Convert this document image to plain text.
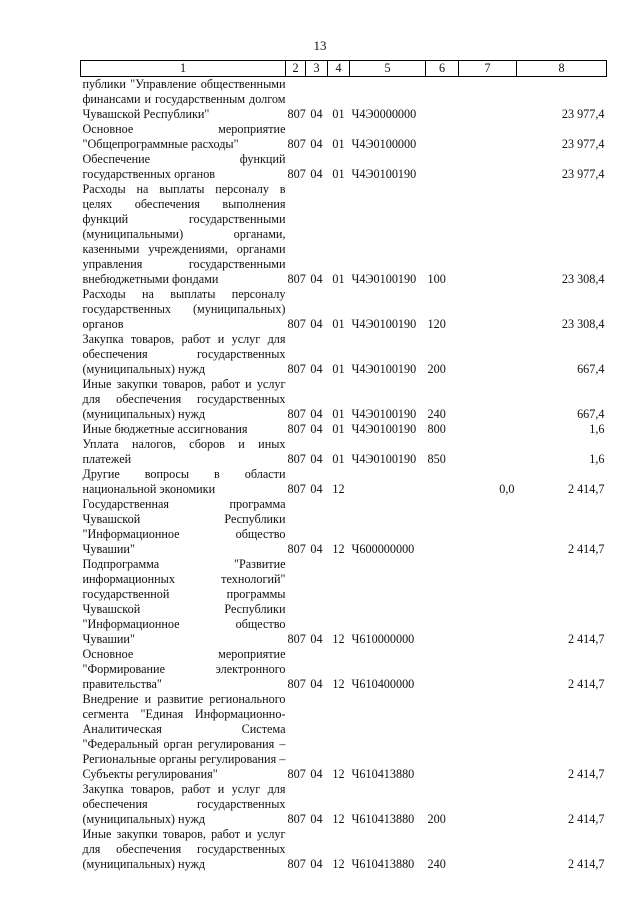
13
1	2	3	4	5	6	7	8
публики "Управление общественными финансами и государственным долгом Чувашской Республики"	807	04	01	Ч4Э0000000			23 977,4
Основное мероприятие "Общепрограммные расходы"	807	04	01	Ч4Э0100000			23 977,4
Обеспечение функций государственных органов	807	04	01	Ч4Э0100190			23 977,4
Расходы на выплаты персоналу в целях обеспечения выполнения функций государственными (муниципальными) органами, казенными учреждениями, органами управления государственными внебюджетными фондами	807	04	01	Ч4Э0100190	100		23 308,4
Расходы на выплаты персоналу государственных (муниципальных) органов	807	04	01	Ч4Э0100190	120		23 308,4
Закупка товаров, работ и услуг для обеспечения государственных (муниципальных) нужд	807	04	01	Ч4Э0100190	200		667,4
Иные закупки товаров, работ и услуг для обеспечения государственных (муниципальных) нужд	807	04	01	Ч4Э0100190	240		667,4
Иные бюджетные ассигнования	807	04	01	Ч4Э0100190	800		1,6
Уплата налогов, сборов и иных платежей	807	04	01	Ч4Э0100190	850		1,6
Другие вопросы в области национальной экономики	807	04	12			0,0	2 414,7
Государственная программа Чувашской Республики "Информационное общество Чувашии"	807	04	12	Ч600000000			2 414,7
Подпрограмма "Развитие информационных технологий" государственной программы Чувашской Республики "Информационное общество Чувашии"	807	04	12	Ч610000000			2 414,7
Основное мероприятие "Формирование электронного правительства"	807	04	12	Ч610400000			2 414,7
Внедрение и развитие регионального сегмента "Единая Информационно-Аналитическая Система "Федеральный орган регулирования – Региональные органы регулирования – Субъекты регулирования"	807	04	12	Ч610413880			2 414,7
Закупка товаров, работ и услуг для обеспечения государственных (муниципальных) нужд	807	04	12	Ч610413880	200		2 414,7
Иные закупки товаров, работ и услуг для обеспечения государственных (муниципальных) нужд	807	04	12	Ч610413880	240		2 414,7
